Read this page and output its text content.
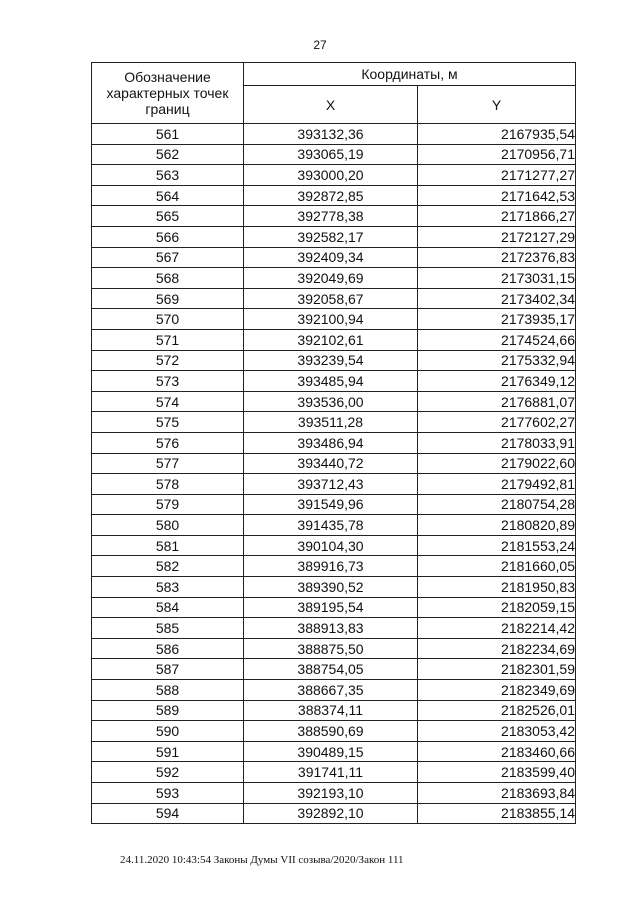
27
Обозначение характерных точек границ	Координаты, м	
	X	Y
561	393132,36	2167935,54
562	393065,19	2170956,71
563	393000,20	2171277,27
564	392872,85	2171642,53
565	392778,38	2171866,27
566	392582,17	2172127,29
567	392409,34	2172376,83
568	392049,69	2173031,15
569	392058,67	2173402,34
570	392100,94	2173935,17
571	392102,61	2174524,66
572	393239,54	2175332,94
573	393485,94	2176349,12
574	393536,00	2176881,07
575	393511,28	2177602,27
576	393486,94	2178033,91
577	393440,72	2179022,60
578	393712,43	2179492,81
579	391549,96	2180754,28
580	391435,78	2180820,89
581	390104,30	2181553,24
582	389916,73	2181660,05
583	389390,52	2181950,83
584	389195,54	2182059,15
585	388913,83	2182214,42
586	388875,50	2182234,69
587	388754,05	2182301,59
588	388667,35	2182349,69
589	388374,11	2182526,01
590	388590,69	2183053,42
591	390489,15	2183460,66
592	391741,11	2183599,40
593	392193,10	2183693,84
594	392892,10	2183855,14
24.11.2020 10:43:54 Законы Думы VII созыва/2020/Закон 111
